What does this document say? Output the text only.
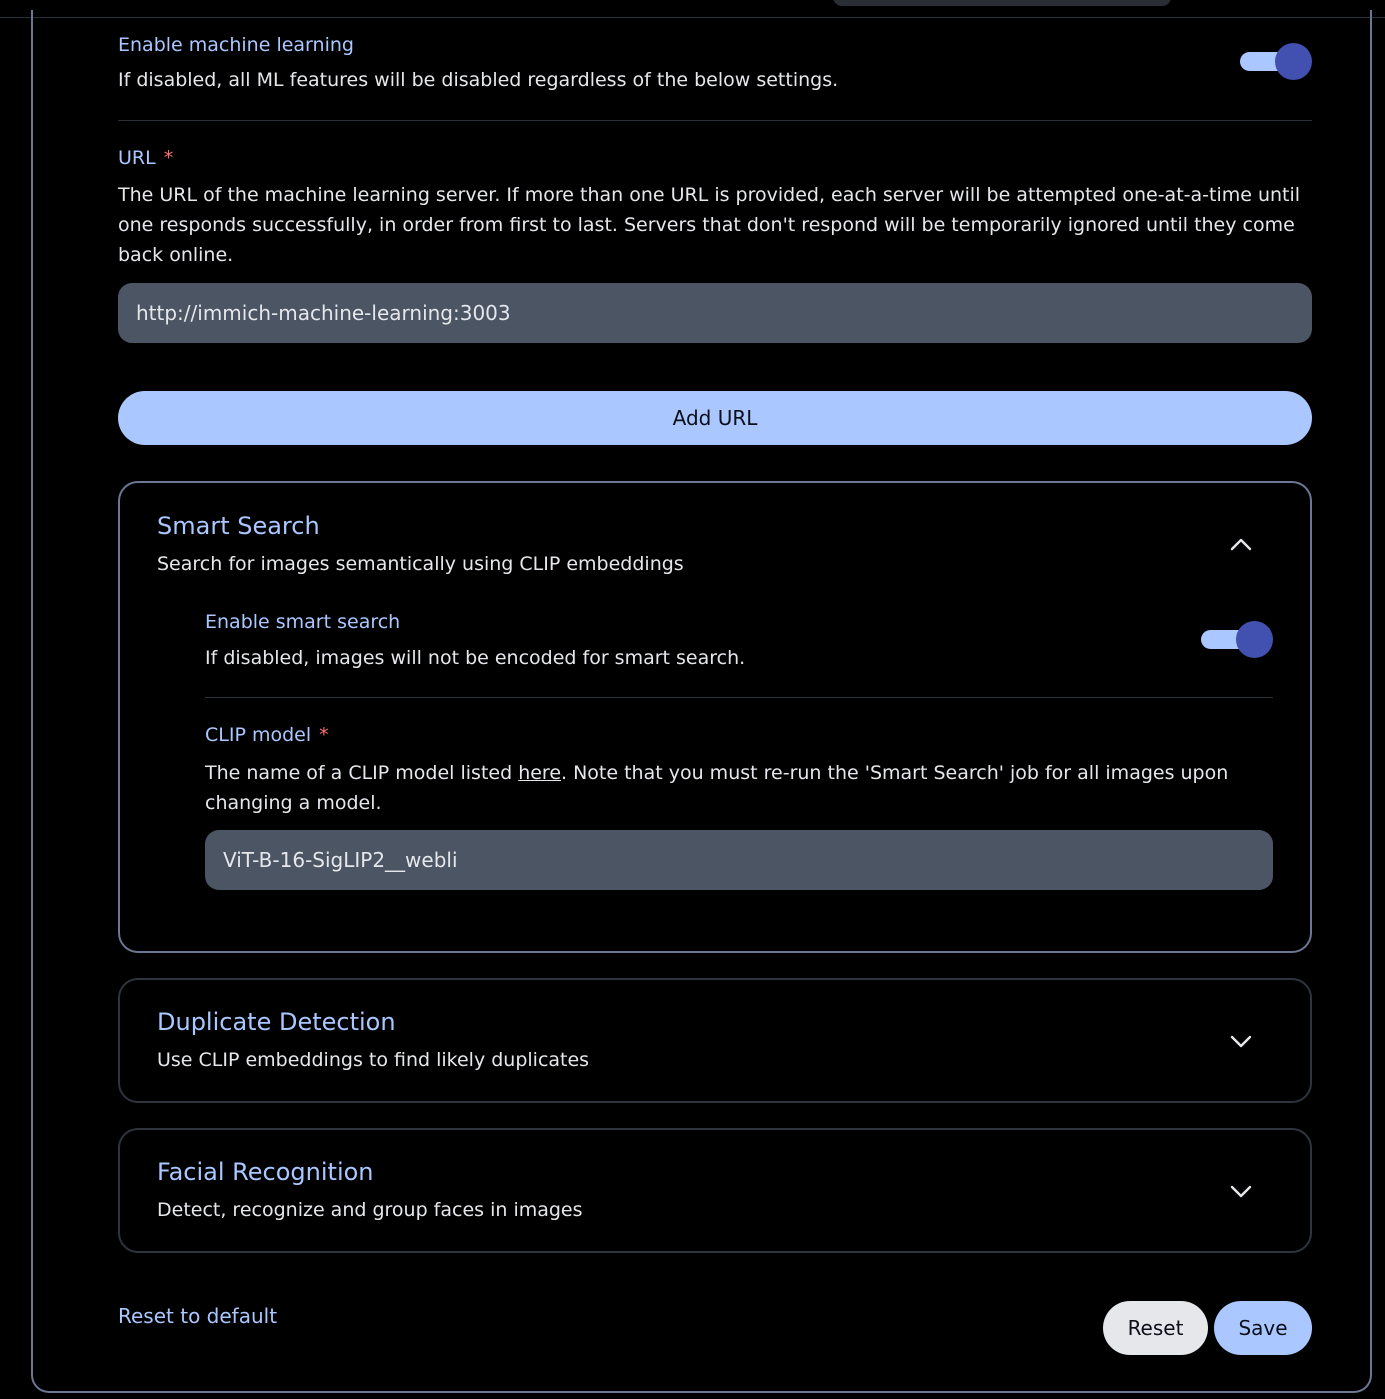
Enable machine learning
If disabled, all ML features will be disabled regardless of the below settings.
URL *
The URL of the machine learning server. If more than one URL is provided, each server will be attempted one-at-a-time until one responds successfully, in order from first to last. Servers that don't respond will be temporarily ignored until they come back online.
http://immich-machine-learning:3003
Add URL
Smart Search
Search for images semantically using CLIP embeddings
Enable smart search
If disabled, images will not be encoded for smart search.
CLIP model *
The name of a CLIP model listed here. Note that you must re-run the 'Smart Search' job for all images upon changing a model.
ViT-B-16-SigLIP2__webli
Duplicate Detection
Use CLIP embeddings to find likely duplicates
Facial Recognition
Detect, recognize and group faces in images
Reset to default	Reset	Save
